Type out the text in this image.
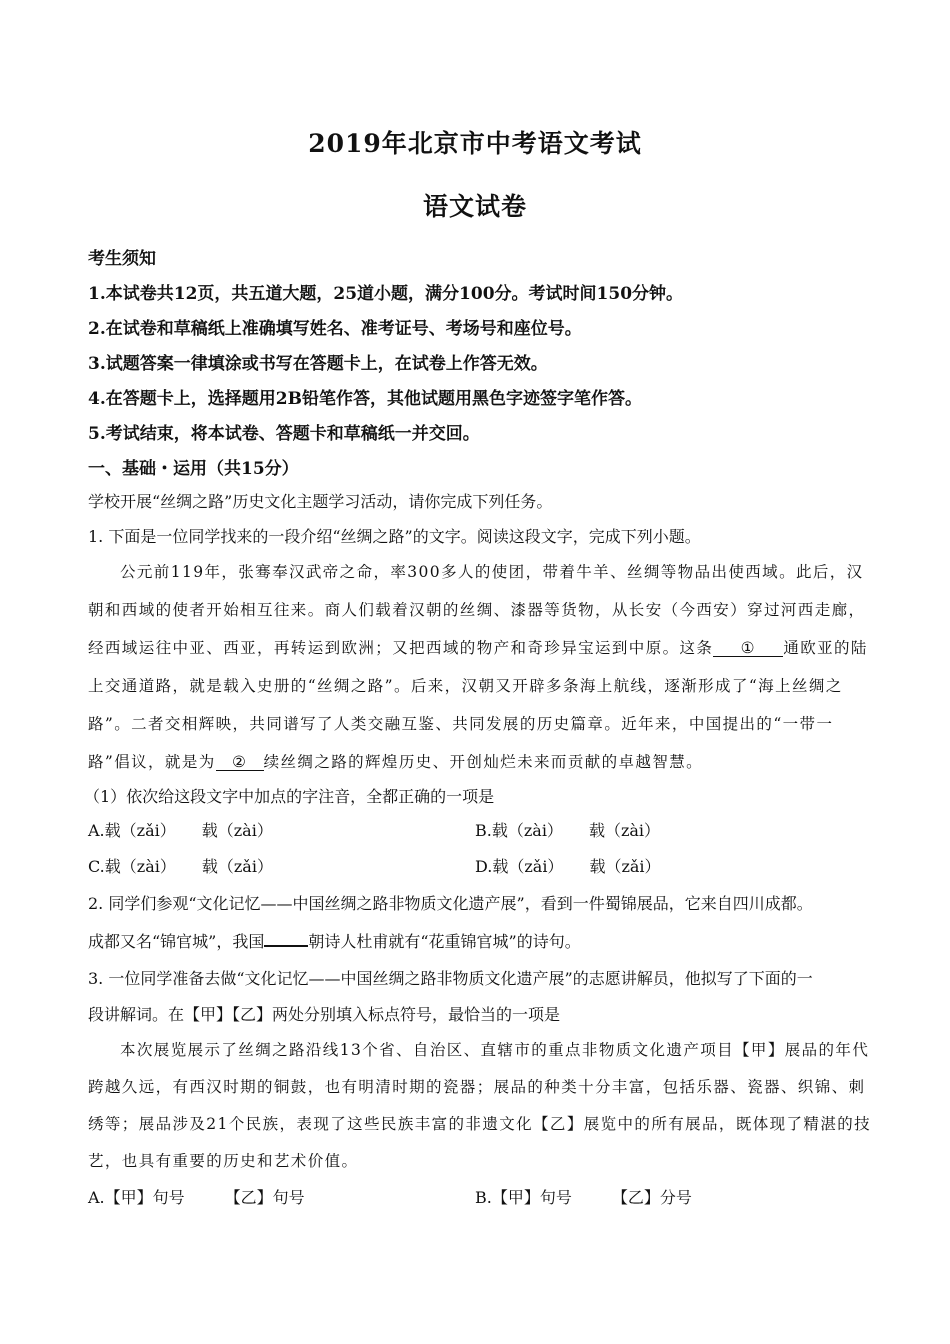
2019年北京市中考语文考试
语文试卷
考生须知
1.本试卷共12页，共五道大题，25道小题，满分100分。考试时间150分钟。
2.在试卷和草稿纸上准确填写姓名、准考证号、考场号和座位号。
3.试题答案一律填涂或书写在答题卡上，在试卷上作答无效。
4.在答题卡上，选择题用2B铅笔作答，其他试题用黑色字迹签字笔作答。
5.考试结束，将本试卷、答题卡和草稿纸一并交回。
一、基础・运用（共15分）
学校开展“丝绸之路”历史文化主题学习活动，请你完成下列任务。
1. 下面是一位同学找来的一段介绍“丝绸之路”的文字。阅读这段文字，完成下列小题。
公元前119年，张骞奉汉武帝之命，率300多人的使团，带着牛羊、丝绸等物品出使西域。此后，汉
朝和西域的使者开始相互往来。商人们载着汉朝的丝绸、漆器等货物，从长安（今西安）穿过河西走廊，
经西域运往中亚、西亚，再转运到欧洲；又把西域的物产和奇珍异宝运到中原。这条 ① 通欧亚的陆
上交通道路，就是载入史册的“丝绸之路”。后来，汉朝又开辟多条海上航线，逐渐形成了“海上丝绸之
路”。二者交相辉映，共同谱写了人类交融互鉴、共同发展的历史篇章。近年来，中国提出的“一带一
路”倡议，就是为 ② 续丝绸之路的辉煌历史、开创灿烂未来而贡献的卓越智慧。
（1）依次给这段文字中加点的字注音，全都正确的一项是
A.载（zǎi） 载（zài）	B.载（zài） 载（zài）
C.载（zài） 载（zǎi）	D.载（zǎi） 载（zǎi）
2. 同学们参观“文化记忆——中国丝绸之路非物质文化遗产展”，看到一件蜀锦展品，它来自四川成都。
成都又名“锦官城”，我国	朝诗人杜甫就有“花重锦官城”的诗句。
3. 一位同学准备去做“文化记忆——中国丝绸之路非物质文化遗产展”的志愿讲解员，他拟写了下面的一
段讲解词。在【甲】【乙】两处分别填入标点符号，最恰当的一项是
本次展览展示了丝绸之路沿线13个省、自治区、直辖市的重点非物质文化遗产项目【甲】展品的年代
跨越久远，有西汉时期的铜鼓，也有明清时期的瓷器；展品的种类十分丰富，包括乐器、瓷器、织锦、刺
绣等；展品涉及21个民族，表现了这些民族丰富的非遗文化【乙】展览中的所有展品，既体现了精湛的技
艺，也具有重要的历史和艺术价值。
A.【甲】句号	【乙】句号	B.【甲】句号	【乙】分号
